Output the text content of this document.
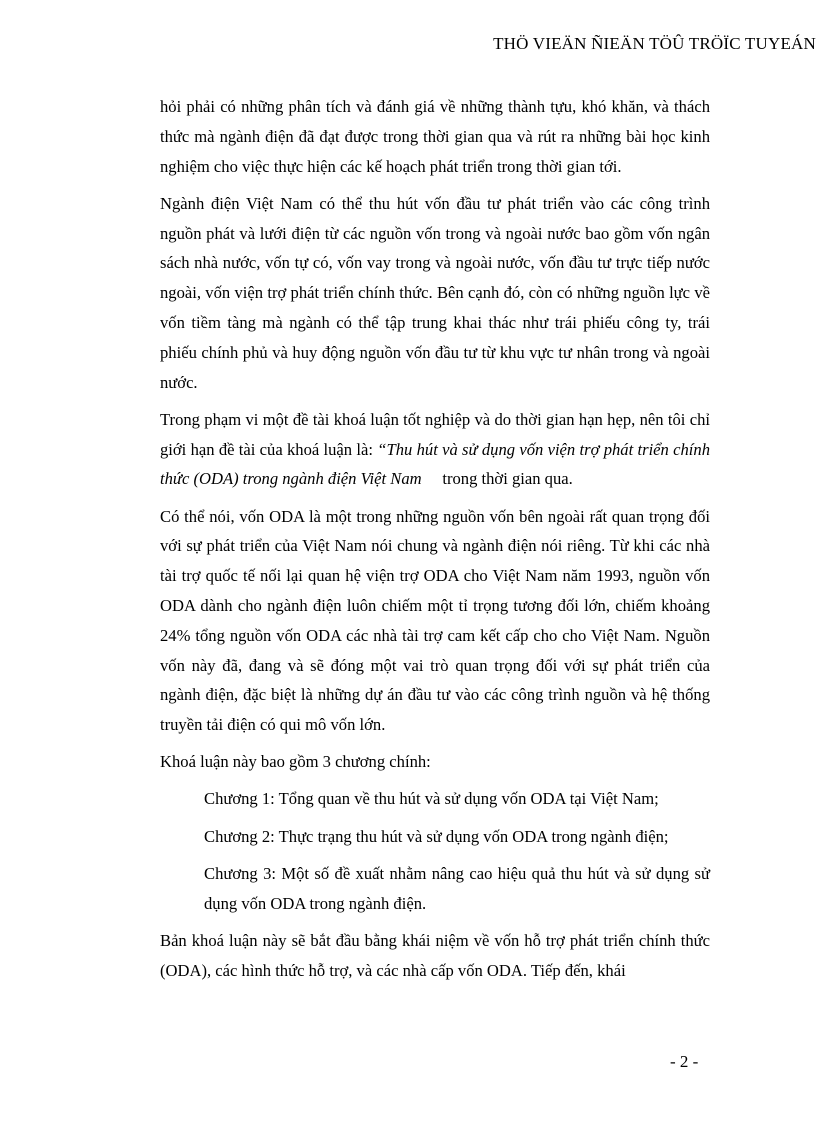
THÖ VIEÄN ÑIEÄN TÖÛ TRÖÏC TUYEÁN

hỏi phải có những phân tích và đánh giá về những thành tựu, khó khăn, và thách thức mà ngành điện đã đạt được trong thời gian qua và rút ra những bài học kinh nghiệm cho việc thực hiện các kế hoạch phát triển trong thời gian tới.

Ngành điện Việt Nam có thể thu hút vốn đầu tư phát triển vào các công trình nguồn phát và lưới điện từ các nguồn vốn trong và ngoài nước bao gồm vốn ngân sách nhà nước, vốn tự có, vốn vay trong và ngoài nước, vốn đầu tư trực tiếp nước ngoài, vốn viện trợ phát triển chính thức. Bên cạnh đó, còn có những nguồn lực về vốn tiềm tàng mà ngành có thể tập trung khai thác như trái phiếu công ty, trái phiếu chính phủ và huy động nguồn vốn đầu tư từ khu vực tư nhân trong và ngoài nước.

Trong phạm vi một đề tài khoá luận tốt nghiệp và do thời gian hạn hẹp, nên tôi chỉ giới hạn đề tài của khoá luận là: “Thu hút và sử dụng vốn viện trợ phát triển chính thức (ODA) trong ngành điện Việt Nam     trong thời gian qua.

Có thể nói, vốn ODA là một trong những nguồn vốn bên ngoài rất quan trọng đối với sự phát triển của Việt Nam nói chung và ngành điện nói riêng. Từ khi các nhà tài trợ quốc tế nối lại quan hệ viện trợ ODA cho Việt Nam năm 1993, nguồn vốn ODA dành cho ngành điện luôn chiếm một tỉ trọng tương đối lớn, chiếm khoảng 24% tổng nguồn vốn ODA các nhà tài trợ cam kết cấp cho cho Việt Nam. Nguồn vốn này đã, đang và sẽ đóng một vai trò quan trọng đối với sự phát triển của ngành điện, đặc biệt là những dự án đầu tư vào các công trình nguồn và hệ thống truyền tải điện có qui mô vốn lớn.

Khoá luận này bao gồm 3 chương chính:

Chương 1: Tổng quan về thu hút và sử dụng vốn ODA tại Việt Nam;

Chương 2: Thực trạng thu hút và sử dụng vốn ODA trong ngành điện;

Chương 3: Một số đề xuất nhằm nâng cao hiệu quả thu hút và sử dụng sử dụng vốn ODA trong ngành điện.

Bản khoá luận này sẽ bắt đầu bằng khái niệm về vốn hỗ trợ phát triển chính thức (ODA), các hình thức hỗ trợ, và các nhà cấp vốn ODA. Tiếp đến, khái

- 2 -
